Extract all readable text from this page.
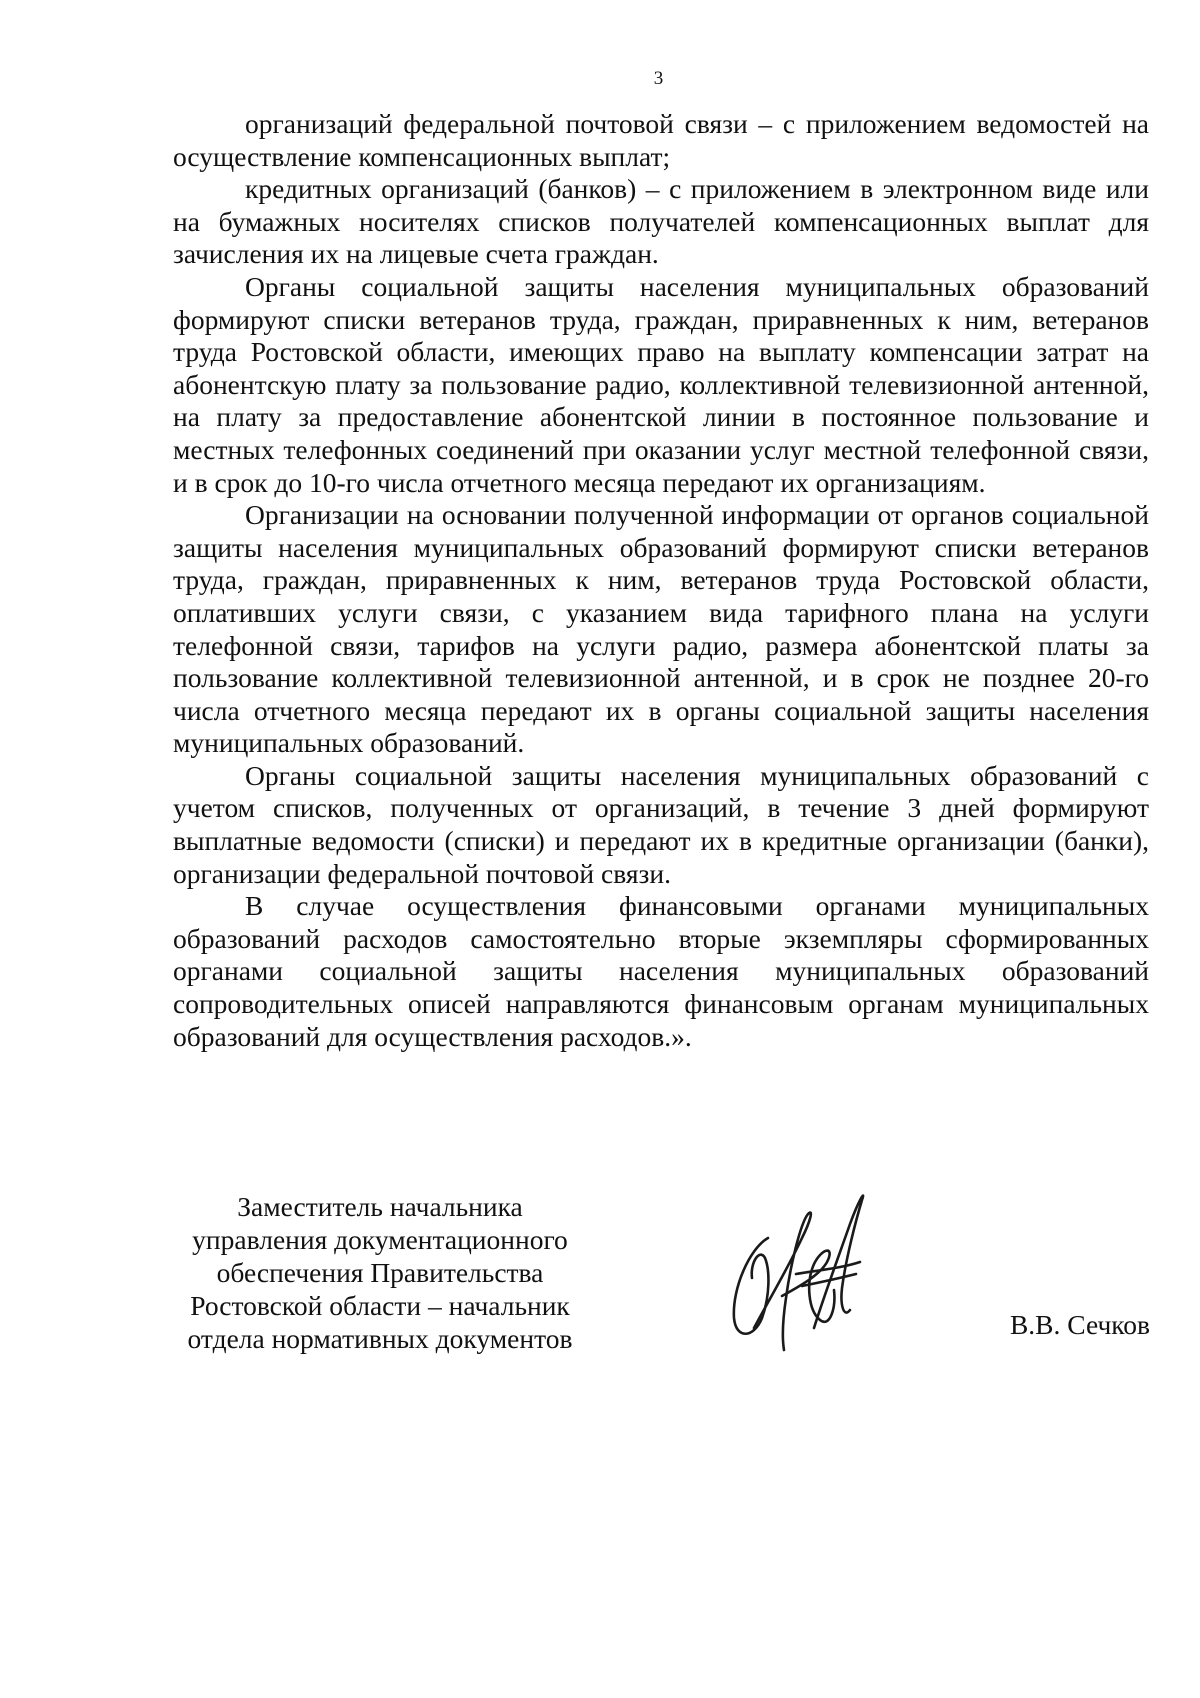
3

организаций федеральной почтовой связи – с приложением ведомостей на осуществление компенсационных выплат;

кредитных организаций (банков) – с приложением в электронном виде или на бумажных носителях списков получателей компенсационных выплат для зачисления их на лицевые счета граждан.

Органы социальной защиты населения муниципальных образований формируют списки ветеранов труда, граждан, приравненных к ним, ветеранов труда Ростовской области, имеющих право на выплату компенсации затрат на абонентскую плату за пользование радио, коллективной телевизионной антенной, на плату за предоставление абонентской линии в постоянное пользование и местных телефонных соединений при оказании услуг местной телефонной связи, и в срок до 10-го числа отчетного месяца передают их организациям.

Организации на основании полученной информации от органов социальной защиты населения муниципальных образований формируют списки ветеранов труда, граждан, приравненных к ним, ветеранов труда Ростовской области, оплативших услуги связи, с указанием вида тарифного плана на услуги телефонной связи, тарифов на услуги радио, размера абонентской платы за пользование коллективной телевизионной антенной, и в срок не позднее 20-го числа отчетного месяца передают их в органы социальной защиты населения муниципальных образований.

Органы социальной защиты населения муниципальных образований с учетом списков, полученных от организаций, в течение 3 дней формируют выплатные ведомости (списки) и передают их в кредитные организации (банки), организации федеральной почтовой связи.

В случае осуществления финансовыми органами муниципальных образований расходов самостоятельно вторые экземпляры сформированных органами социальной защиты населения муниципальных образований сопроводительных описей направляются финансовым органам муниципальных образований для осуществления расходов.».

Заместитель начальника
управления документационного
обеспечения Правительства
Ростовской области – начальник
отдела нормативных документов	В.В. Сечков
